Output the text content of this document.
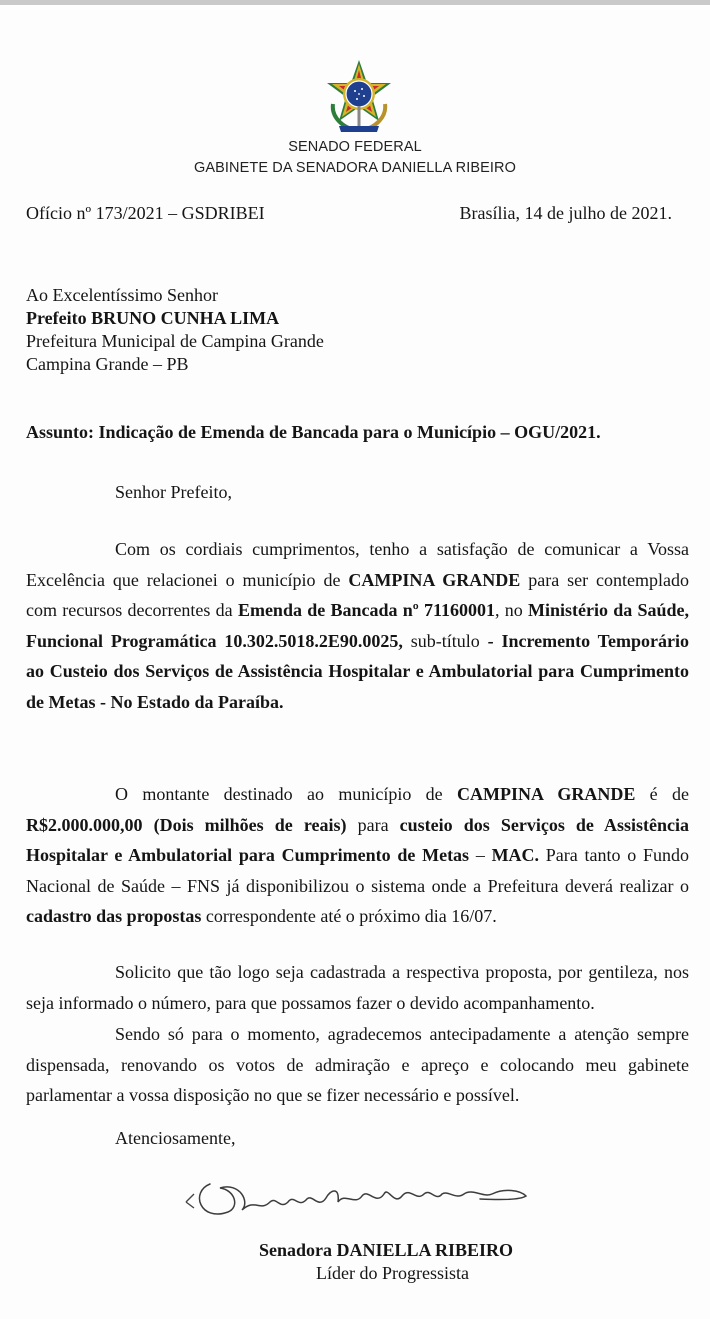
SENADO FEDERAL
GABINETE DA SENADORA DANIELLA RIBEIRO
Ofício nº 173/2021 – GSDRIBEI	Brasília, 14 de julho de 2021.
Ao Excelentíssimo Senhor
Prefeito BRUNO CUNHA LIMA
Prefeitura Municipal de Campina Grande
Campina Grande – PB
Assunto: Indicação de Emenda de Bancada para o Município – OGU/2021.
Senhor Prefeito,

Com os cordiais cumprimentos, tenho a satisfação de comunicar a Vossa Excelência que relacionei o município de CAMPINA GRANDE para ser contemplado com recursos decorrentes da Emenda de Bancada nº 71160001, no Ministério da Saúde, Funcional Programática 10.302.5018.2E90.0025, sub-título - Incremento Temporário ao Custeio dos Serviços de Assistência Hospitalar e Ambulatorial para Cumprimento de Metas - No Estado da Paraíba.

O montante destinado ao município de CAMPINA GRANDE é de R$2.000.000,00 (Dois milhões de reais) para custeio dos Serviços de Assistência Hospitalar e Ambulatorial para Cumprimento de Metas – MAC. Para tanto o Fundo Nacional de Saúde – FNS já disponibilizou o sistema onde a Prefeitura deverá realizar o cadastro das propostas correspondente até o próximo dia 16/07.

Solicito que tão logo seja cadastrada a respectiva proposta, por gentileza, nos seja informado o número, para que possamos fazer o devido acompanhamento.

Sendo só para o momento, agradecemos antecipadamente a atenção sempre dispensada, renovando os votos de admiração e apreço e colocando meu gabinete parlamentar a vossa disposição no que se fizer necessário e possível.

Atenciosamente,
Senadora DANIELLA RIBEIRO
Líder do Progressista
